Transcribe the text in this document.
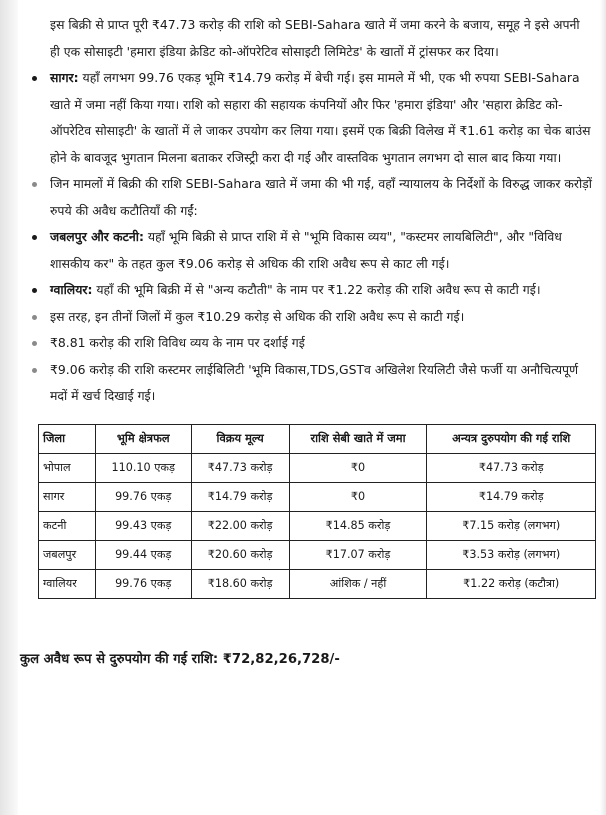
इस बिक्री से प्राप्त पूरी ₹47.73 करोड़ की राशि को SEBI-Sahara खाते में जमा करने के बजाय, समूह ने इसे अपनी ही एक सोसाइटी 'हमारा इंडिया क्रेडिट को-ऑपरेटिव सोसाइटी लिमिटेड' के खातों में ट्रांसफर कर दिया।

सागर: यहाँ लगभग 99.76 एकड़ भूमि ₹14.79 करोड़ में बेची गई। इस मामले में भी, एक भी रुपया SEBI-Sahara खाते में जमा नहीं किया गया। राशि को सहारा की सहायक कंपनियों और फिर 'हमारा इंडिया' और 'सहारा क्रेडिट को-ऑपरेटिव सोसाइटी' के खातों में ले जाकर उपयोग कर लिया गया। इसमें एक बिक्री विलेख में ₹1.61 करोड़ का चेक बाउंस होने के बावजूद भुगतान मिलना बताकर रजिस्ट्री करा दी गई और वास्तविक भुगतान लगभग दो साल बाद किया गया।
जिन मामलों में बिक्री की राशि SEBI-Sahara खाते में जमा की भी गई, वहाँ न्यायालय के निर्देशों के विरुद्ध जाकर करोड़ों रुपये की अवैध कटौतियाँ की गईं:
जबलपुर और कटनी: यहाँ भूमि बिक्री से प्राप्त राशि में से "भूमि विकास व्यय", "कस्टमर लायबिलिटी", और "विविध शासकीय कर" के तहत कुल ₹9.06 करोड़ से अधिक की राशि अवैध रूप से काट ली गई।
ग्वालियर: यहाँ की भूमि बिक्री में से "अन्य कटौती" के नाम पर ₹1.22 करोड़ की राशि अवैध रूप से काटी गई।
इस तरह, इन तीनों जिलों में कुल ₹10.29 करोड़ से अधिक की राशि अवैध रूप से काटी गई।
₹8.81 करोड़ की राशि विविध व्यय के नाम पर दर्शाई गई
₹9.06 करोड़ की राशि कस्टमर लाईबिलिटी 'भूमि विकास,TDS,GSTव अखिलेश रियलिटी जैसे फर्जी या अनौचित्यपूर्ण मदों में खर्च दिखाई गई।
जिला	भूमि क्षेत्रफल	विक्रय मूल्य	राशि सेबी खाते में जमा	अन्यत्र दुरुपयोग की गई राशि
भोपाल	110.10 एकड़	₹47.73 करोड़	₹0	₹47.73 करोड़
सागर	99.76 एकड़	₹14.79 करोड़	₹0	₹14.79 करोड़
कटनी	99.43 एकड़	₹22.00 करोड़	₹14.85 करोड़	₹7.15 करोड़ (लगभग)
जबलपुर	99.44 एकड़	₹20.60 करोड़	₹17.07 करोड़	₹3.53 करोड़ (लगभग)
ग्वालियर	99.76 एकड़	₹18.60 करोड़	आंशिक / नहीं	₹1.22 करोड़ (कटौत्रा)
कुल अवैध रूप से दुरुपयोग की गई राशि: ₹72,82,26,728/-
